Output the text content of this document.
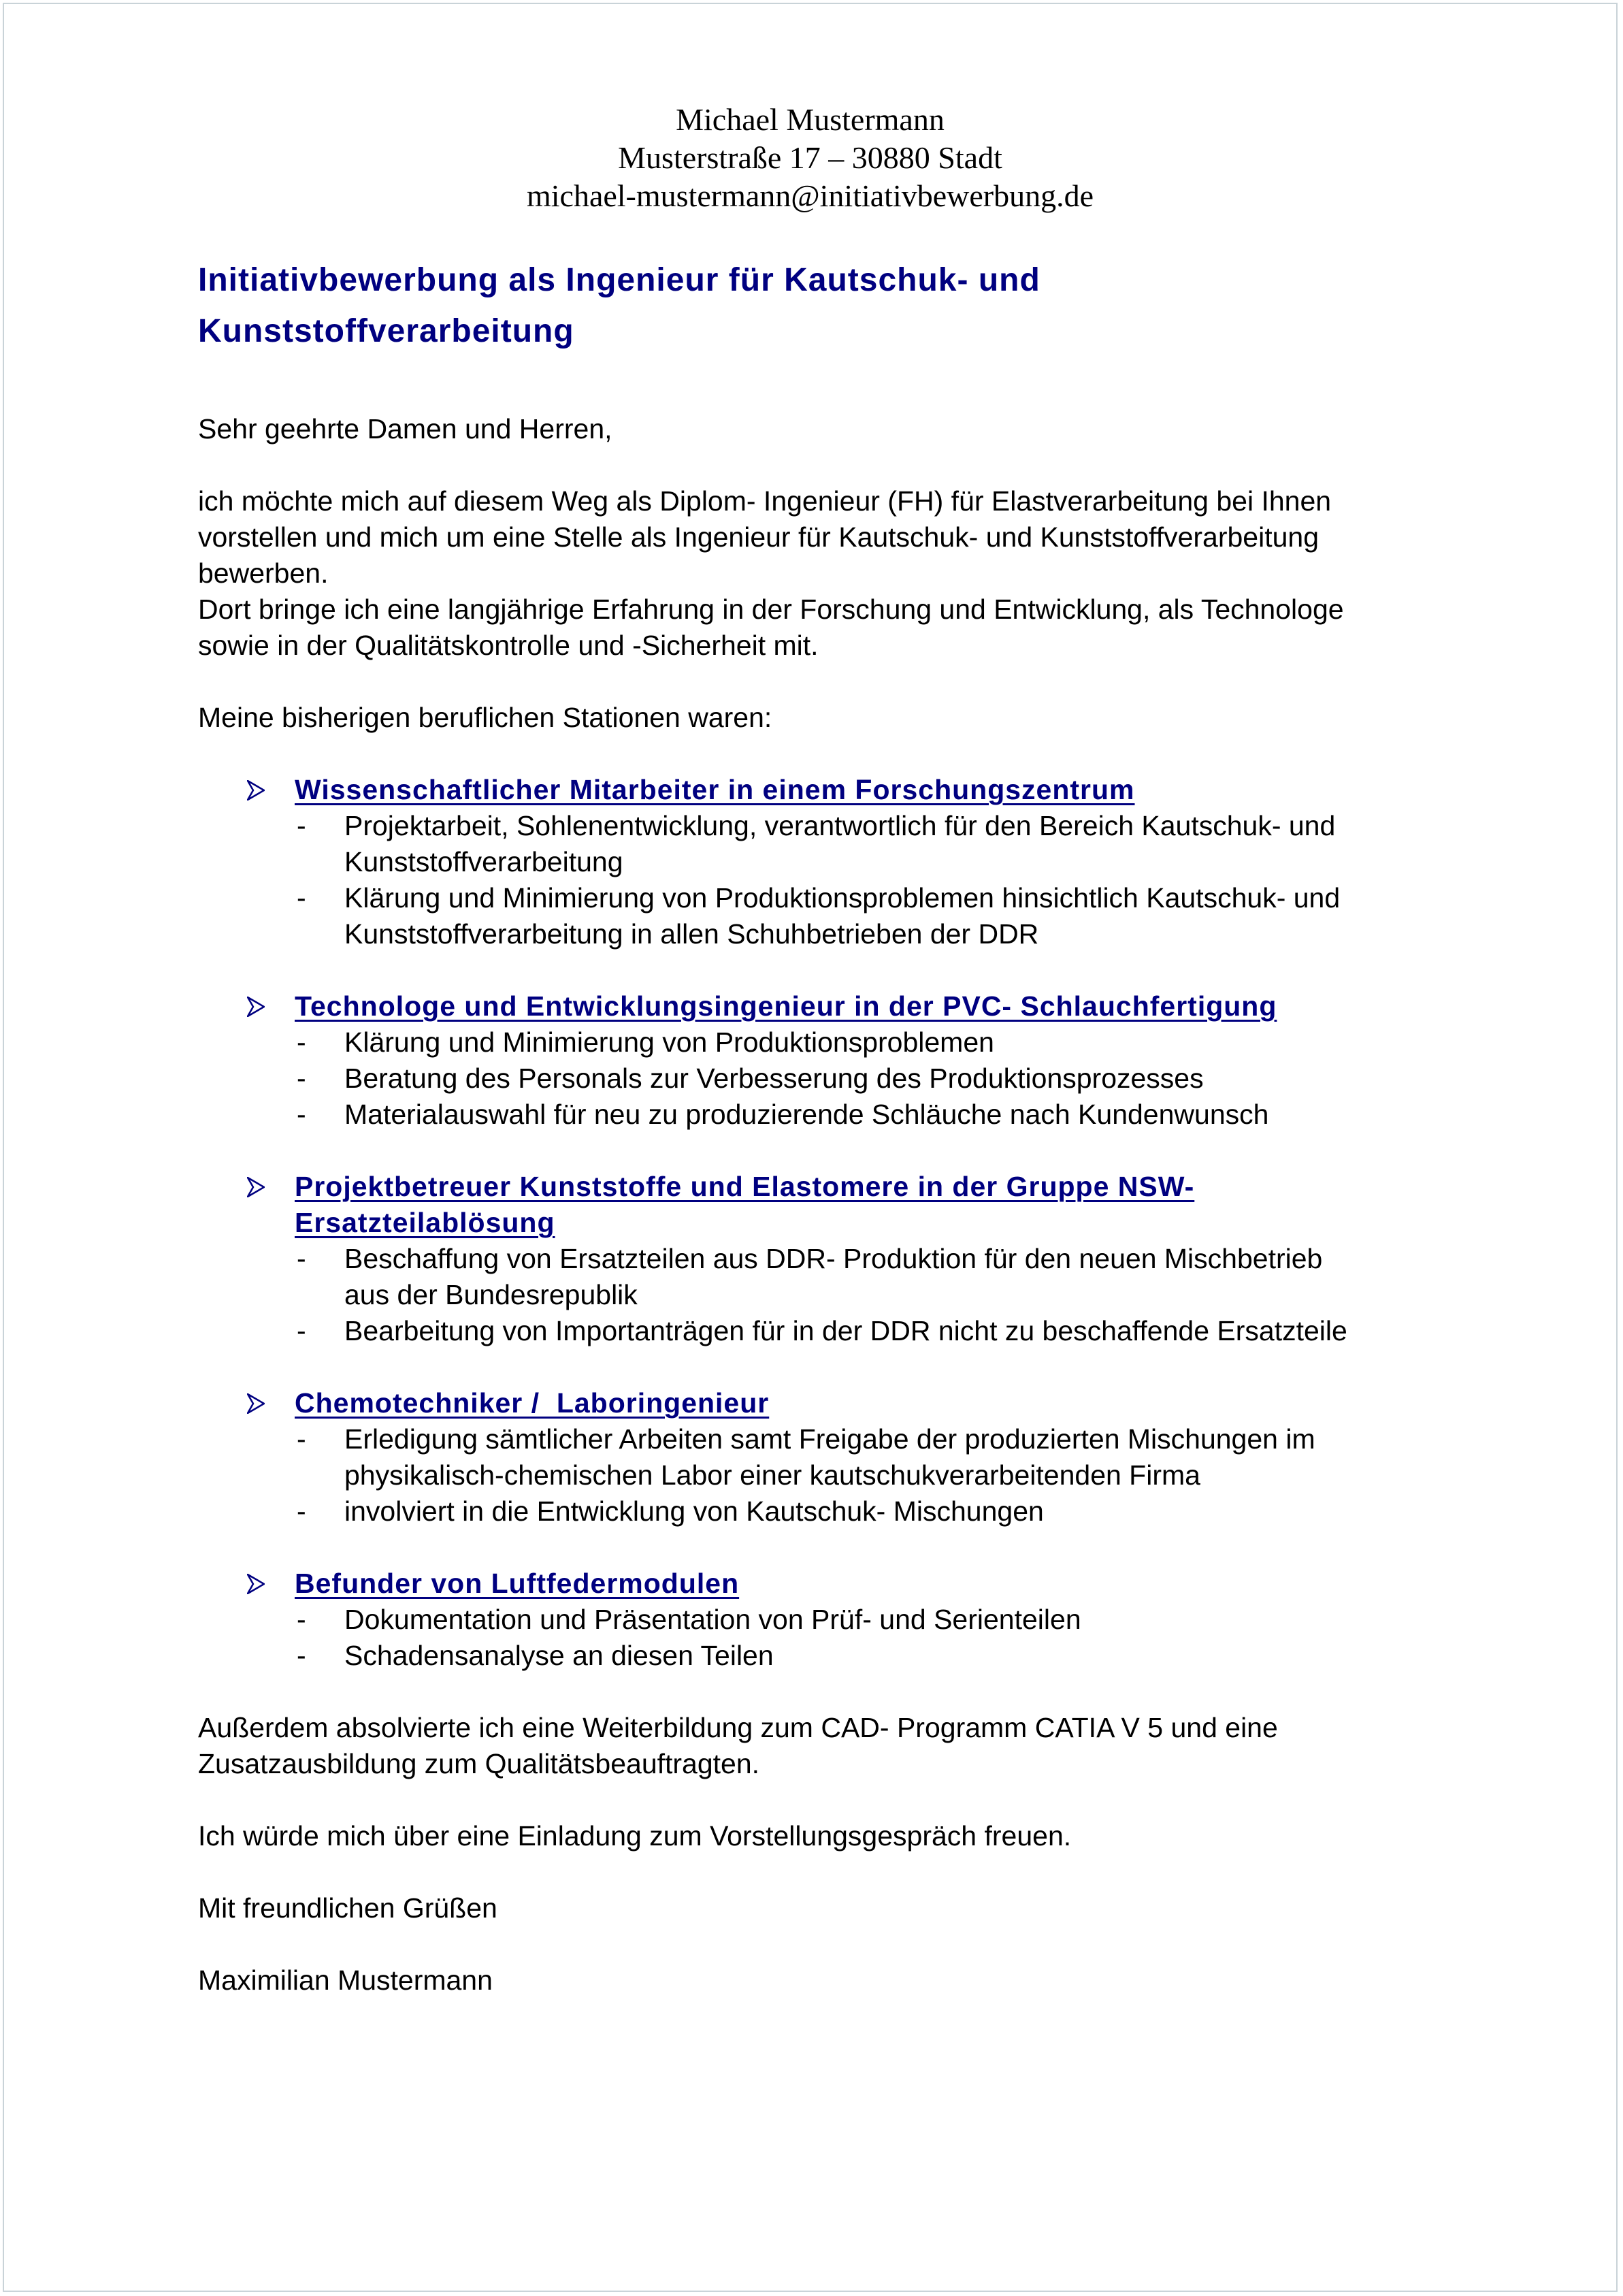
Michael Mustermann
Musterstraße 17 – 30880 Stadt
michael-mustermann@initiativbewerbung.de
Initiativbewerbung als Ingenieur für Kautschuk- und
Kunststoffverarbeitung
Sehr geehrte Damen und Herren,
ich möchte mich auf diesem Weg als Diplom- Ingenieur (FH) für Elastverarbeitung bei Ihnen
vorstellen und mich um eine Stelle als Ingenieur für Kautschuk- und Kunststoffverarbeitung
bewerben.
Dort bringe ich eine langjährige Erfahrung in der Forschung und Entwicklung, als Technologe
sowie in der Qualitätskontrolle und -Sicherheit mit.
Meine bisherigen beruflichen Stationen waren:
Wissenschaftlicher Mitarbeiter in einem Forschungszentrum
- Projektarbeit, Sohlenentwicklung, verantwortlich für den Bereich Kautschuk- und
Kunststoffverarbeitung
- Klärung und Minimierung von Produktionsproblemen hinsichtlich Kautschuk- und
Kunststoffverarbeitung in allen Schuhbetrieben der DDR
Technologe und Entwicklungsingenieur in der PVC- Schlauchfertigung
- Klärung und Minimierung von Produktionsproblemen
- Beratung des Personals zur Verbesserung des Produktionsprozesses
- Materialauswahl für neu zu produzierende Schläuche nach Kundenwunsch
Projektbetreuer Kunststoffe und Elastomere in der Gruppe NSW-
Ersatzteilablösung
- Beschaffung von Ersatzteilen aus DDR- Produktion für den neuen Mischbetrieb
aus der Bundesrepublik
- Bearbeitung von Importanträgen für in der DDR nicht zu beschaffende Ersatzteile
Chemotechniker /  Laboringenieur
- Erledigung sämtlicher Arbeiten samt Freigabe der produzierten Mischungen im
physikalisch-chemischen Labor einer kautschukverarbeitenden Firma
- involviert in die Entwicklung von Kautschuk- Mischungen
Befunder von Luftfedermodulen
- Dokumentation und Präsentation von Prüf- und Serienteilen
- Schadensanalyse an diesen Teilen
Außerdem absolvierte ich eine Weiterbildung zum CAD- Programm CATIA V 5 und eine
Zusatzausbildung zum Qualitätsbeauftragten.
Ich würde mich über eine Einladung zum Vorstellungsgespräch freuen.
Mit freundlichen Grüßen
Maximilian Mustermann
